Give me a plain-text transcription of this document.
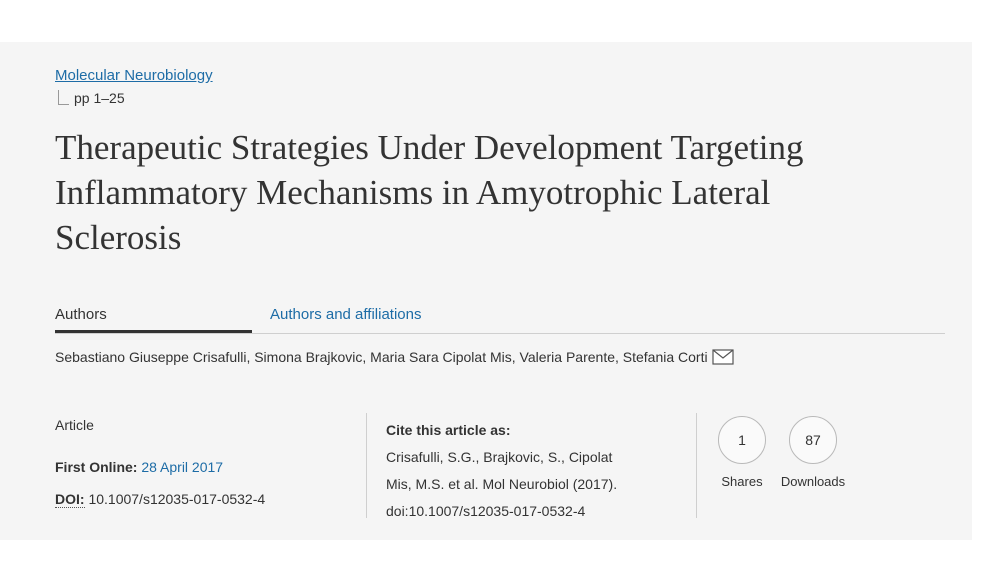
Molecular Neurobiology
pp 1–25
Therapeutic Strategies Under Development Targeting
Inflammatory Mechanisms in Amyotrophic Lateral
Sclerosis
Authors	Authors and affiliations
Sebastiano Giuseppe Crisafulli, Simona Brajkovic, Maria Sara Cipolat Mis, Valeria Parente, Stefania Corti
Article
First Online: 28 April 2017
DOI: 10.1007/s12035-017-0532-4
Cite this article as:
Crisafulli, S.G., Brajkovic, S., Cipolat
Mis, M.S. et al. Mol Neurobiol (2017).
doi:10.1007/s12035-017-0532-4
1
Shares
87
Downloads
